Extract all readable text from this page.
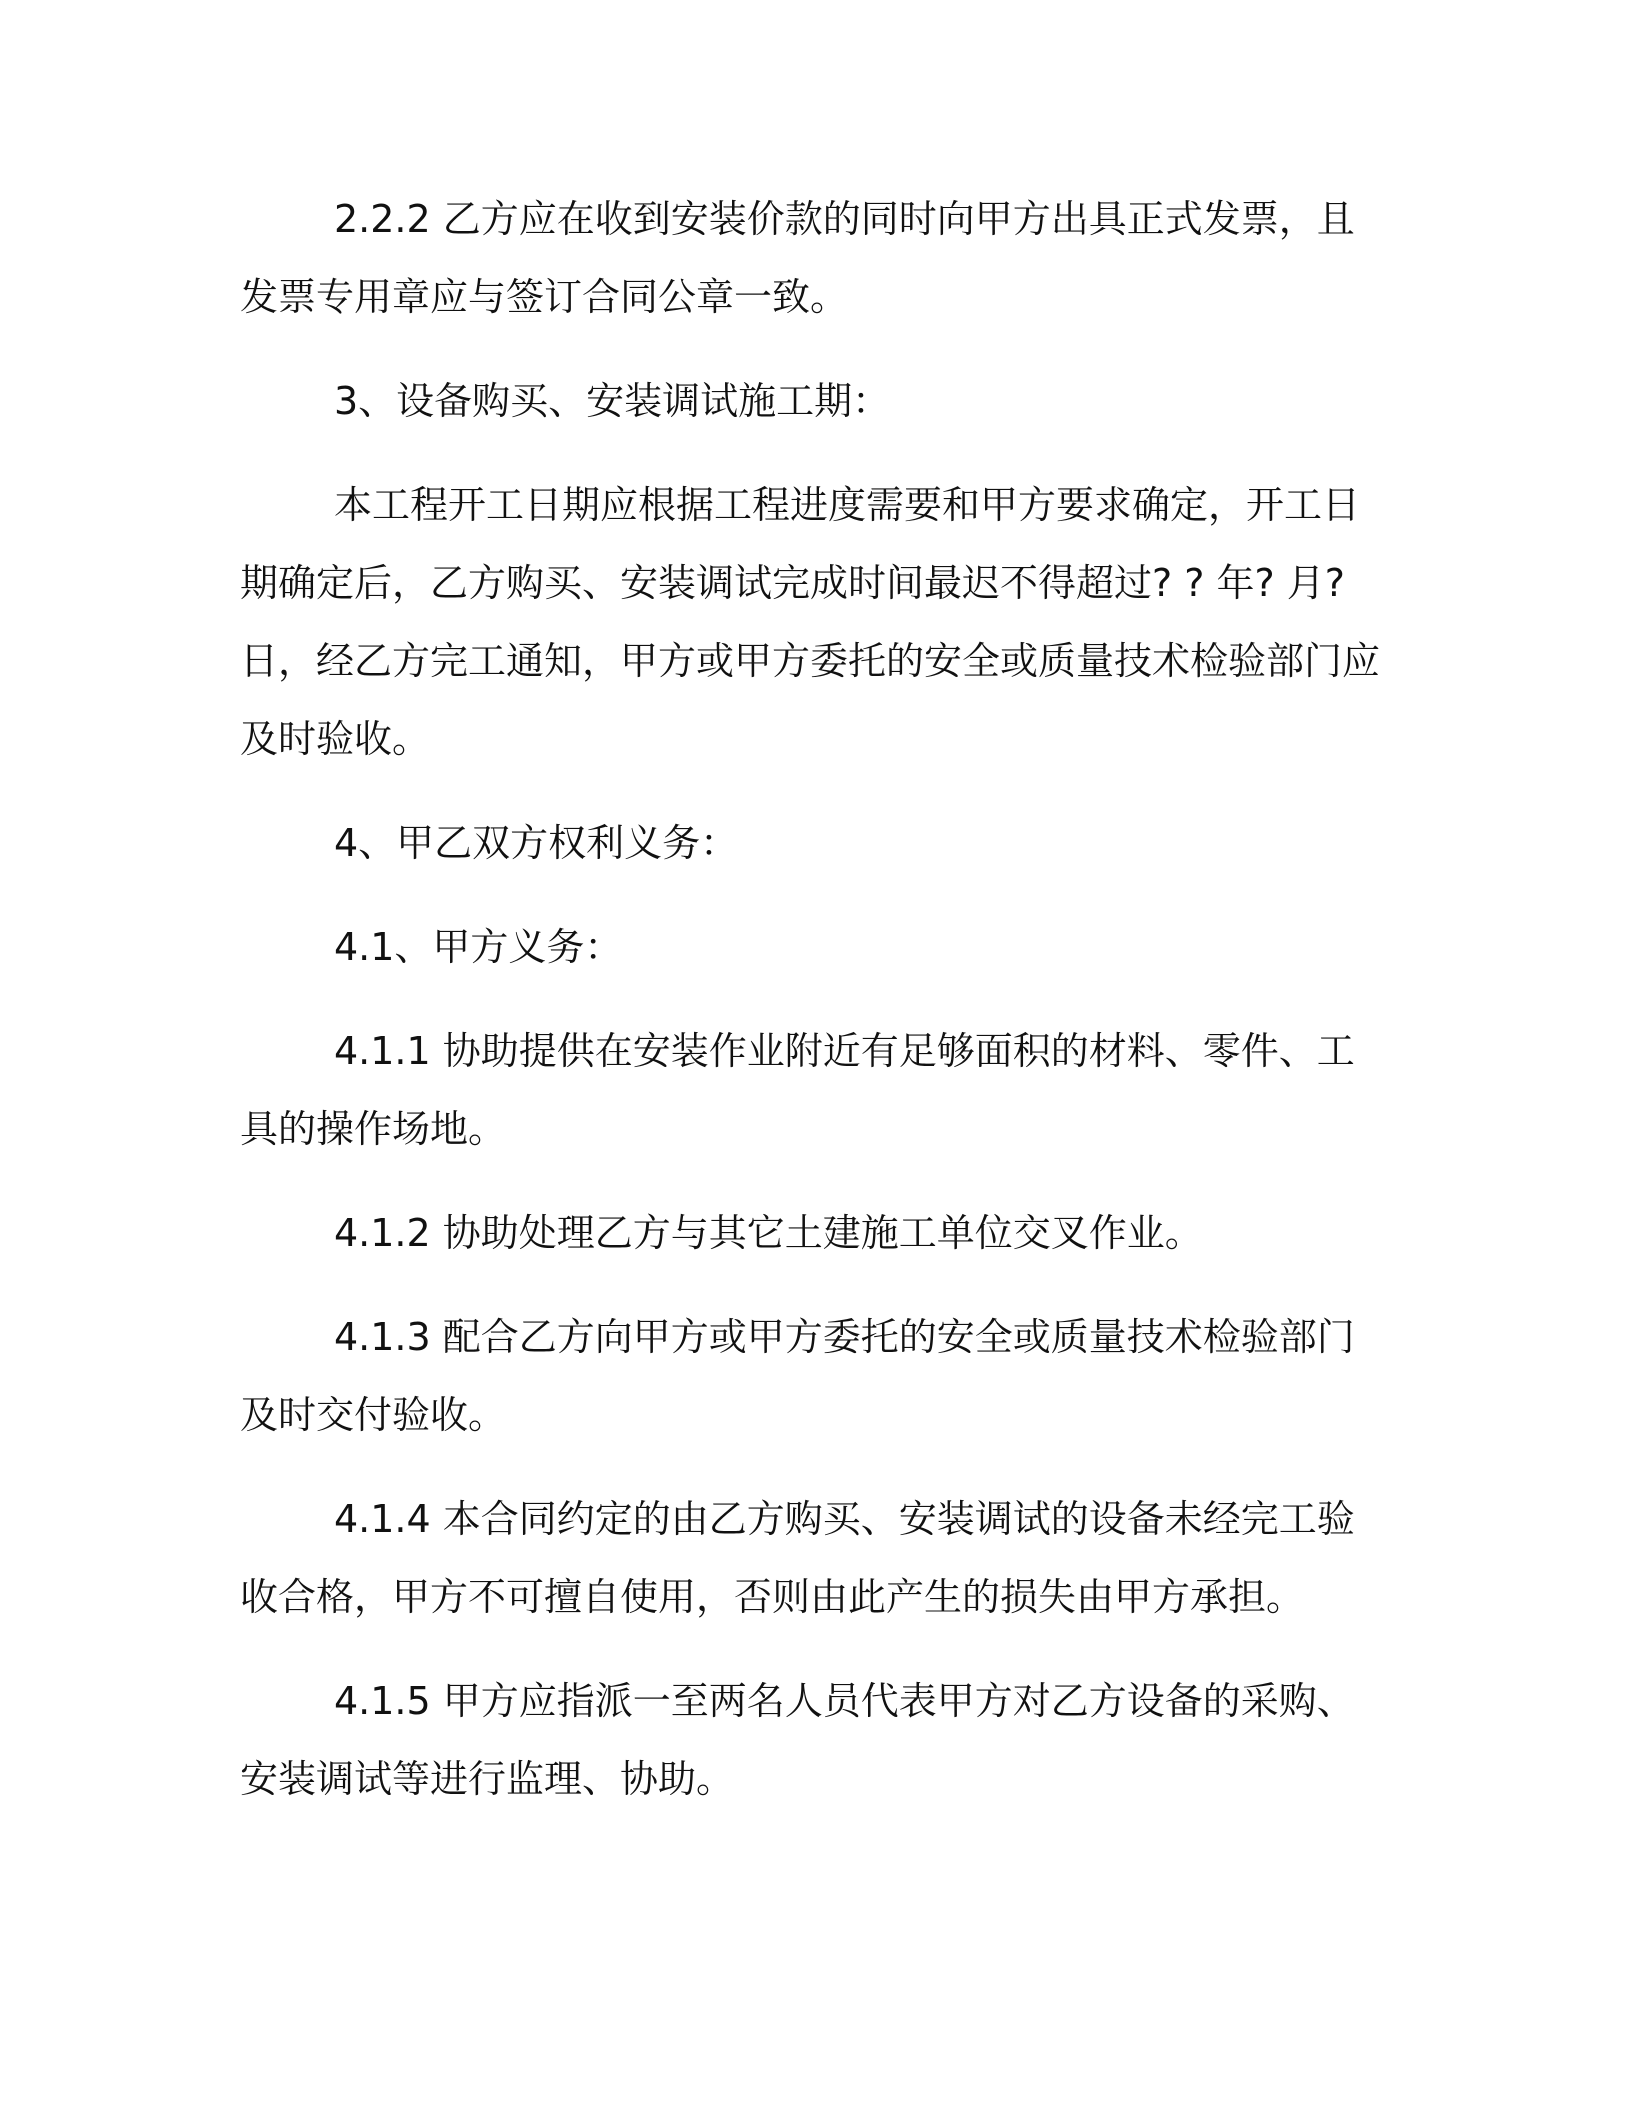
2.2.2 乙方应在收到安装价款的同时向甲方出具正式发票，且发票专用章应与签订合同公章一致。

3、设备购买、安装调试施工期：

本工程开工日期应根据工程进度需要和甲方要求确定，开工日期确定后，乙方购买、安装调试完成时间最迟不得超过? ? 年? 月? 日，经乙方完工通知，甲方或甲方委托的安全或质量技术检验部门应及时验收。

4、甲乙双方权利义务：

4.1、甲方义务：

4.1.1 协助提供在安装作业附近有足够面积的材料、零件、工具的操作场地。

4.1.2 协助处理乙方与其它土建施工单位交叉作业。

4.1.3 配合乙方向甲方或甲方委托的安全或质量技术检验部门及时交付验收。

4.1.4 本合同约定的由乙方购买、安装调试的设备未经完工验收合格，甲方不可擅自使用，否则由此产生的损失由甲方承担。

4.1.5 甲方应指派一至两名人员代表甲方对乙方设备的采购、安装调试等进行监理、协助。
